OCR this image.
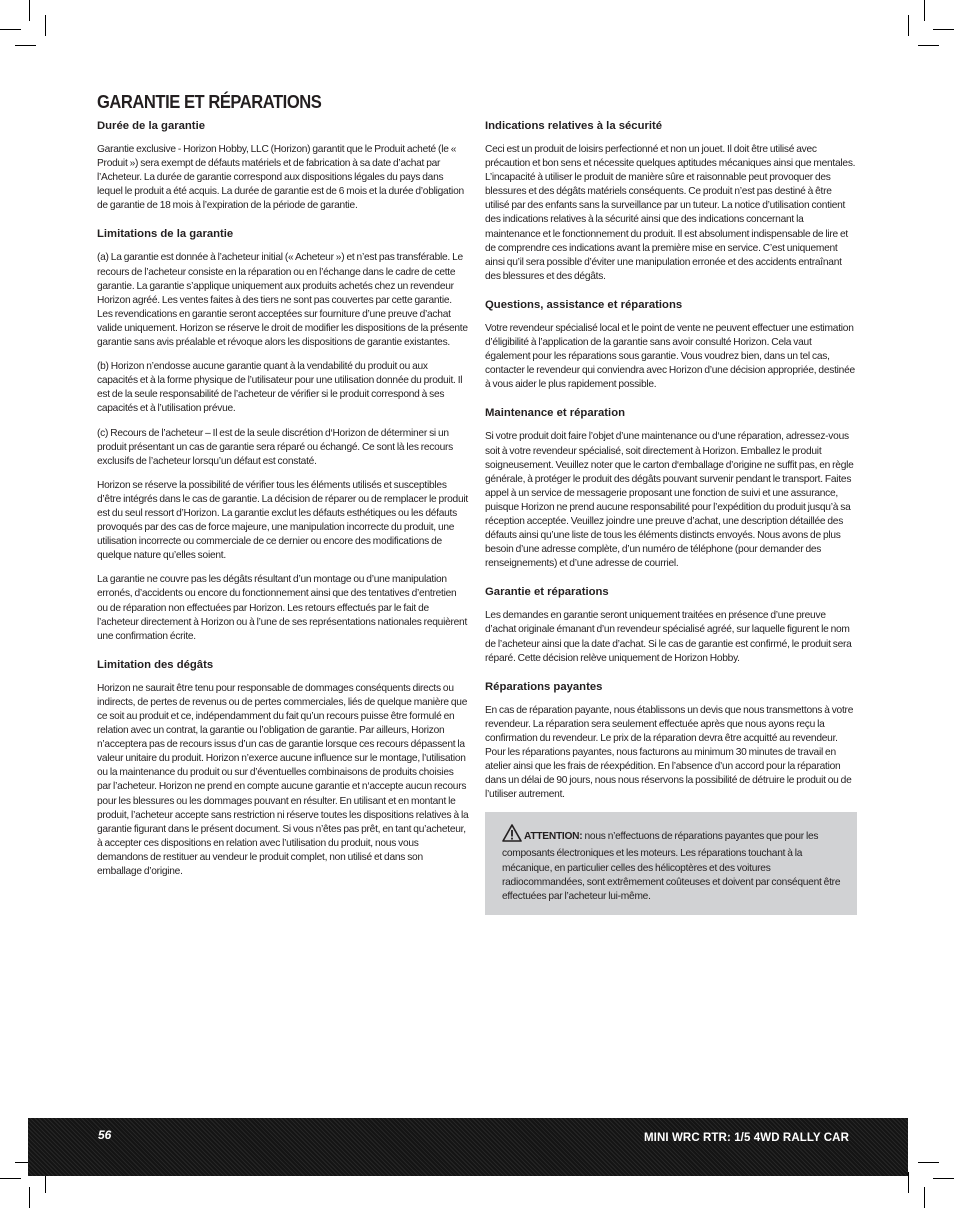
GARANTIE ET RÉPARATIONS
Durée de la garantie

Garantie exclusive - Horizon Hobby, LLC (Horizon) garantit que le Produit acheté (le « Produit ») sera exempt de défauts matériels et de fabrication à sa date d’achat par l’Acheteur. La durée de garantie correspond aux dispositions légales du pays dans lequel le produit a été acquis. La durée de garantie est de 6 mois et la durée d’obligation de garantie de 18 mois à l’expiration de la période de garantie.

Limitations de la garantie

(a) La garantie est donnée à l’acheteur initial (« Acheteur ») et n’est pas transférable. Le recours de l’acheteur consiste en la réparation ou en l’échange dans le cadre de cette garantie. La garantie s’applique uniquement aux produits achetés chez un revendeur Horizon agréé. Les ventes faites à des tiers ne sont pas couvertes par cette garantie. Les revendications en garantie seront acceptées sur fourniture d’une preuve d’achat valide uniquement. Horizon se réserve le droit de modifier les dispositions de la présente garantie sans avis préalable et révoque alors les dispositions de garantie existantes.

(b) Horizon n’endosse aucune garantie quant à la vendabilité du produit ou aux capacités et à la forme physique de l’utilisateur pour une utilisation donnée du produit. Il est de la seule responsabilité de l’acheteur de vérifier si le produit correspond à ses capacités et à l’utilisation prévue.

(c) Recours de l’acheteur – Il est de la seule discrétion d‘Horizon de déterminer si un produit présentant un cas de garantie sera réparé ou échangé. Ce sont là les recours exclusifs de l’acheteur lorsqu’un défaut est constaté.

Horizon se réserve la possibilité de vérifier tous les éléments utilisés et susceptibles d’être intégrés dans le cas de garantie. La décision de réparer ou de remplacer le produit est du seul ressort d’Horizon. La garantie exclut les défauts esthétiques ou les défauts provoqués par des cas de force majeure, une manipulation incorrecte du produit, une utilisation incorrecte ou commerciale de ce dernier ou encore des modifications de quelque nature qu’elles soient.

La garantie ne couvre pas les dégâts résultant d’un montage ou d’une manipulation erronés, d’accidents ou encore du fonctionnement ainsi que des tentatives d’entretien ou de réparation non effectuées par Horizon. Les retours effectués par le fait de l’acheteur directement à Horizon ou à l’une de ses représentations nationales requièrent une confirmation écrite.

Limitation des dégâts

Horizon ne saurait être tenu pour responsable de dommages conséquents directs ou indirects, de pertes de revenus ou de pertes commerciales, liés de quelque manière que ce soit au produit et ce, indépendamment du fait qu’un recours puisse être formulé en relation avec un contrat, la garantie ou l’obligation de garantie. Par ailleurs, Horizon n’acceptera pas de recours issus d’un cas de garantie lorsque ces recours dépassent la valeur unitaire du produit. Horizon n’exerce aucune influence sur le montage, l’utilisation ou la maintenance du produit ou sur d’éventuelles combinaisons de produits choisies par l’acheteur. Horizon ne prend en compte aucune garantie et n‘accepte aucun recours pour les blessures ou les dommages pouvant en résulter. En utilisant et en montant le produit, l’acheteur accepte sans restriction ni réserve toutes les dispositions relatives à la garantie figurant dans le présent document. Si vous n’êtes pas prêt, en tant qu’acheteur, à accepter ces dispositions en relation avec l’utilisation du produit, nous vous demandons de restituer au vendeur le produit complet, non utilisé et dans son emballage d’origine.

Indications relatives à la sécurité

Ceci est un produit de loisirs perfectionné et non un jouet. Il doit être utilisé avec précaution et bon sens et nécessite quelques aptitudes mécaniques ainsi que mentales. L’incapacité à utiliser le produit de manière sûre et raisonnable peut provoquer des blessures et des dégâts matériels conséquents. Ce produit n’est pas destiné à être utilisé par des enfants sans la surveillance par un tuteur. La notice d’utilisation contient des indications relatives à la sécurité ainsi que des indications concernant la maintenance et le fonctionnement du produit. Il est absolument indispensable de lire et de comprendre ces indications avant la première mise en service. C’est uniquement ainsi qu’il sera possible d’éviter une manipulation erronée et des accidents entraînant des blessures et des dégâts.

Questions, assistance et réparations

Votre revendeur spécialisé local et le point de vente ne peuvent effectuer une estimation d’éligibilité à l’application de la garantie sans avoir consulté Horizon. Cela vaut également pour les réparations sous garantie. Vous voudrez bien, dans un tel cas, contacter le revendeur qui conviendra avec Horizon d’une décision appropriée, destinée à vous aider le plus rapidement possible.

Maintenance et réparation

Si votre produit doit faire l’objet d’une maintenance ou d‘une réparation, adressez-vous soit à votre revendeur spécialisé, soit directement à Horizon. Emballez le produit soigneusement. Veuillez noter que le carton d‘emballage d’origine ne suffit pas, en règle générale, à protéger le produit des dégâts pouvant survenir pendant le transport. Faites appel à un service de messagerie proposant une fonction de suivi et une assurance, puisque Horizon ne prend aucune responsabilité pour l’expédition du produit jusqu’à sa réception acceptée. Veuillez joindre une preuve d’achat, une description détaillée des défauts ainsi qu’une liste de tous les éléments distincts envoyés. Nous avons de plus besoin d’une adresse complète, d’un numéro de téléphone (pour demander des renseignements) et d’une adresse de courriel.

Garantie et réparations

Les demandes en garantie seront uniquement traitées en présence d’une preuve d’achat originale émanant d’un revendeur spécialisé agréé, sur laquelle figurent le nom de l’acheteur ainsi que la date d’achat. Si le cas de garantie est confirmé, le produit sera réparé. Cette décision relève uniquement de Horizon Hobby.

Réparations payantes

En cas de réparation payante, nous établissons un devis que nous transmettons à votre revendeur. La réparation sera seulement effectuée après que nous ayons reçu la confirmation du revendeur. Le prix de la réparation devra être acquitté au revendeur. Pour les réparations payantes, nous facturons au minimum 30 minutes de travail en atelier ainsi que les frais de réexpédition. En l’absence d’un accord pour la réparation dans un délai de 90 jours, nous nous réservons la possibilité de détruire le produit ou de l’utiliser autrement.

ATTENTION: nous n’effectuons de réparations payantes que pour les composants électroniques et les moteurs. Les réparations touchant à la mécanique, en particulier celles des hélicoptères et des voitures radiocommandées, sont extrêmement coûteuses et doivent par conséquent être effectuées par l’acheteur lui-même.

56	MINI WRC RTR: 1/5 4WD RALLY CAR
